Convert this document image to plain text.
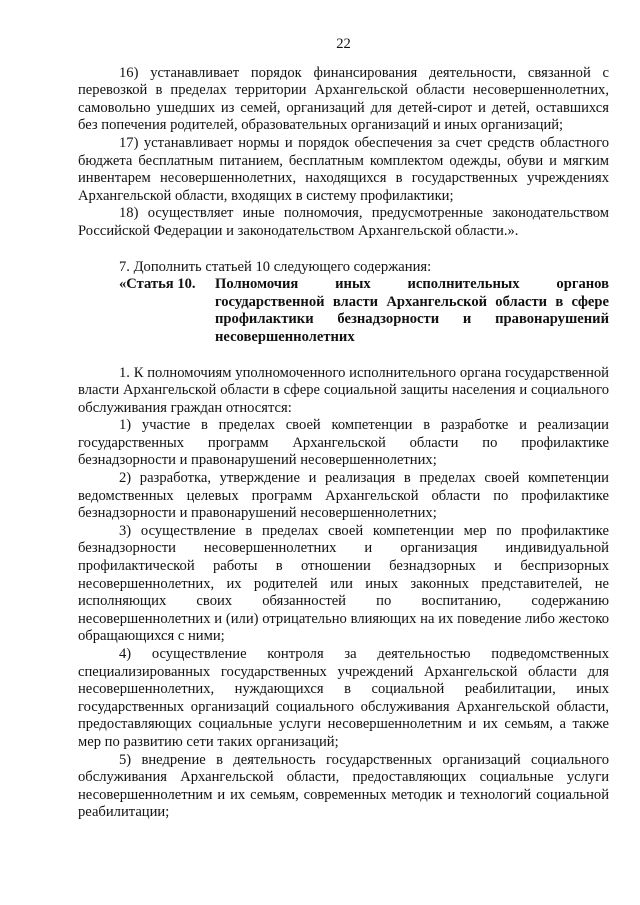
22

16) устанавливает порядок финансирования деятельности, связанной с перевозкой в пределах территории Архангельской области несовершеннолетних, самовольно ушедших из семей, организаций для детей-сирот и детей, оставшихся без попечения родителей, образовательных организаций и иных организаций;

17) устанавливает нормы и порядок обеспечения за счет средств областного бюджета бесплатным питанием, бесплатным комплектом одежды, обуви и мягким инвентарем несовершеннолетних, находящихся в государственных учреждениях Архангельской области, входящих в систему профилактики;

18) осуществляет иные полномочия, предусмотренные законодательством Российской Федерации и законодательством Архангельской области.».

7. Дополнить статьей 10 следующего содержания:

«Статья 10.	Полномочия иных исполнительных органов государственной власти Архангельской области в сфере профилактики безнадзорности и правонарушений несовершеннолетних

1. К полномочиям уполномоченного исполнительного органа государственной власти Архангельской области в сфере социальной защиты населения и социального обслуживания граждан относятся:

1) участие в пределах своей компетенции в разработке и реализации государственных программ Архангельской области по профилактике безнадзорности и правонарушений несовершеннолетних;

2) разработка, утверждение и реализация в пределах своей компетенции ведомственных целевых программ Архангельской области по профилактике безнадзорности и правонарушений несовершеннолетних;

3) осуществление в пределах своей компетенции мер по профилактике безнадзорности несовершеннолетних и организация индивидуальной профилактической работы в отношении безнадзорных и беспризорных несовершеннолетних, их родителей или иных законных представителей, не исполняющих своих обязанностей по воспитанию, содержанию несовершеннолетних и (или) отрицательно влияющих на их поведение либо жестоко обращающихся с ними;

4) осуществление контроля за деятельностью подведомственных специализированных государственных учреждений Архангельской области для несовершеннолетних, нуждающихся в социальной реабилитации, иных государственных организаций социального обслуживания Архангельской области, предоставляющих социальные услуги несовершеннолетним и их семьям, а также мер по развитию сети таких организаций;

5) внедрение в деятельность государственных организаций социального обслуживания Архангельской области, предоставляющих социальные услуги несовершеннолетним и их семьям, современных методик и технологий социальной реабилитации;
